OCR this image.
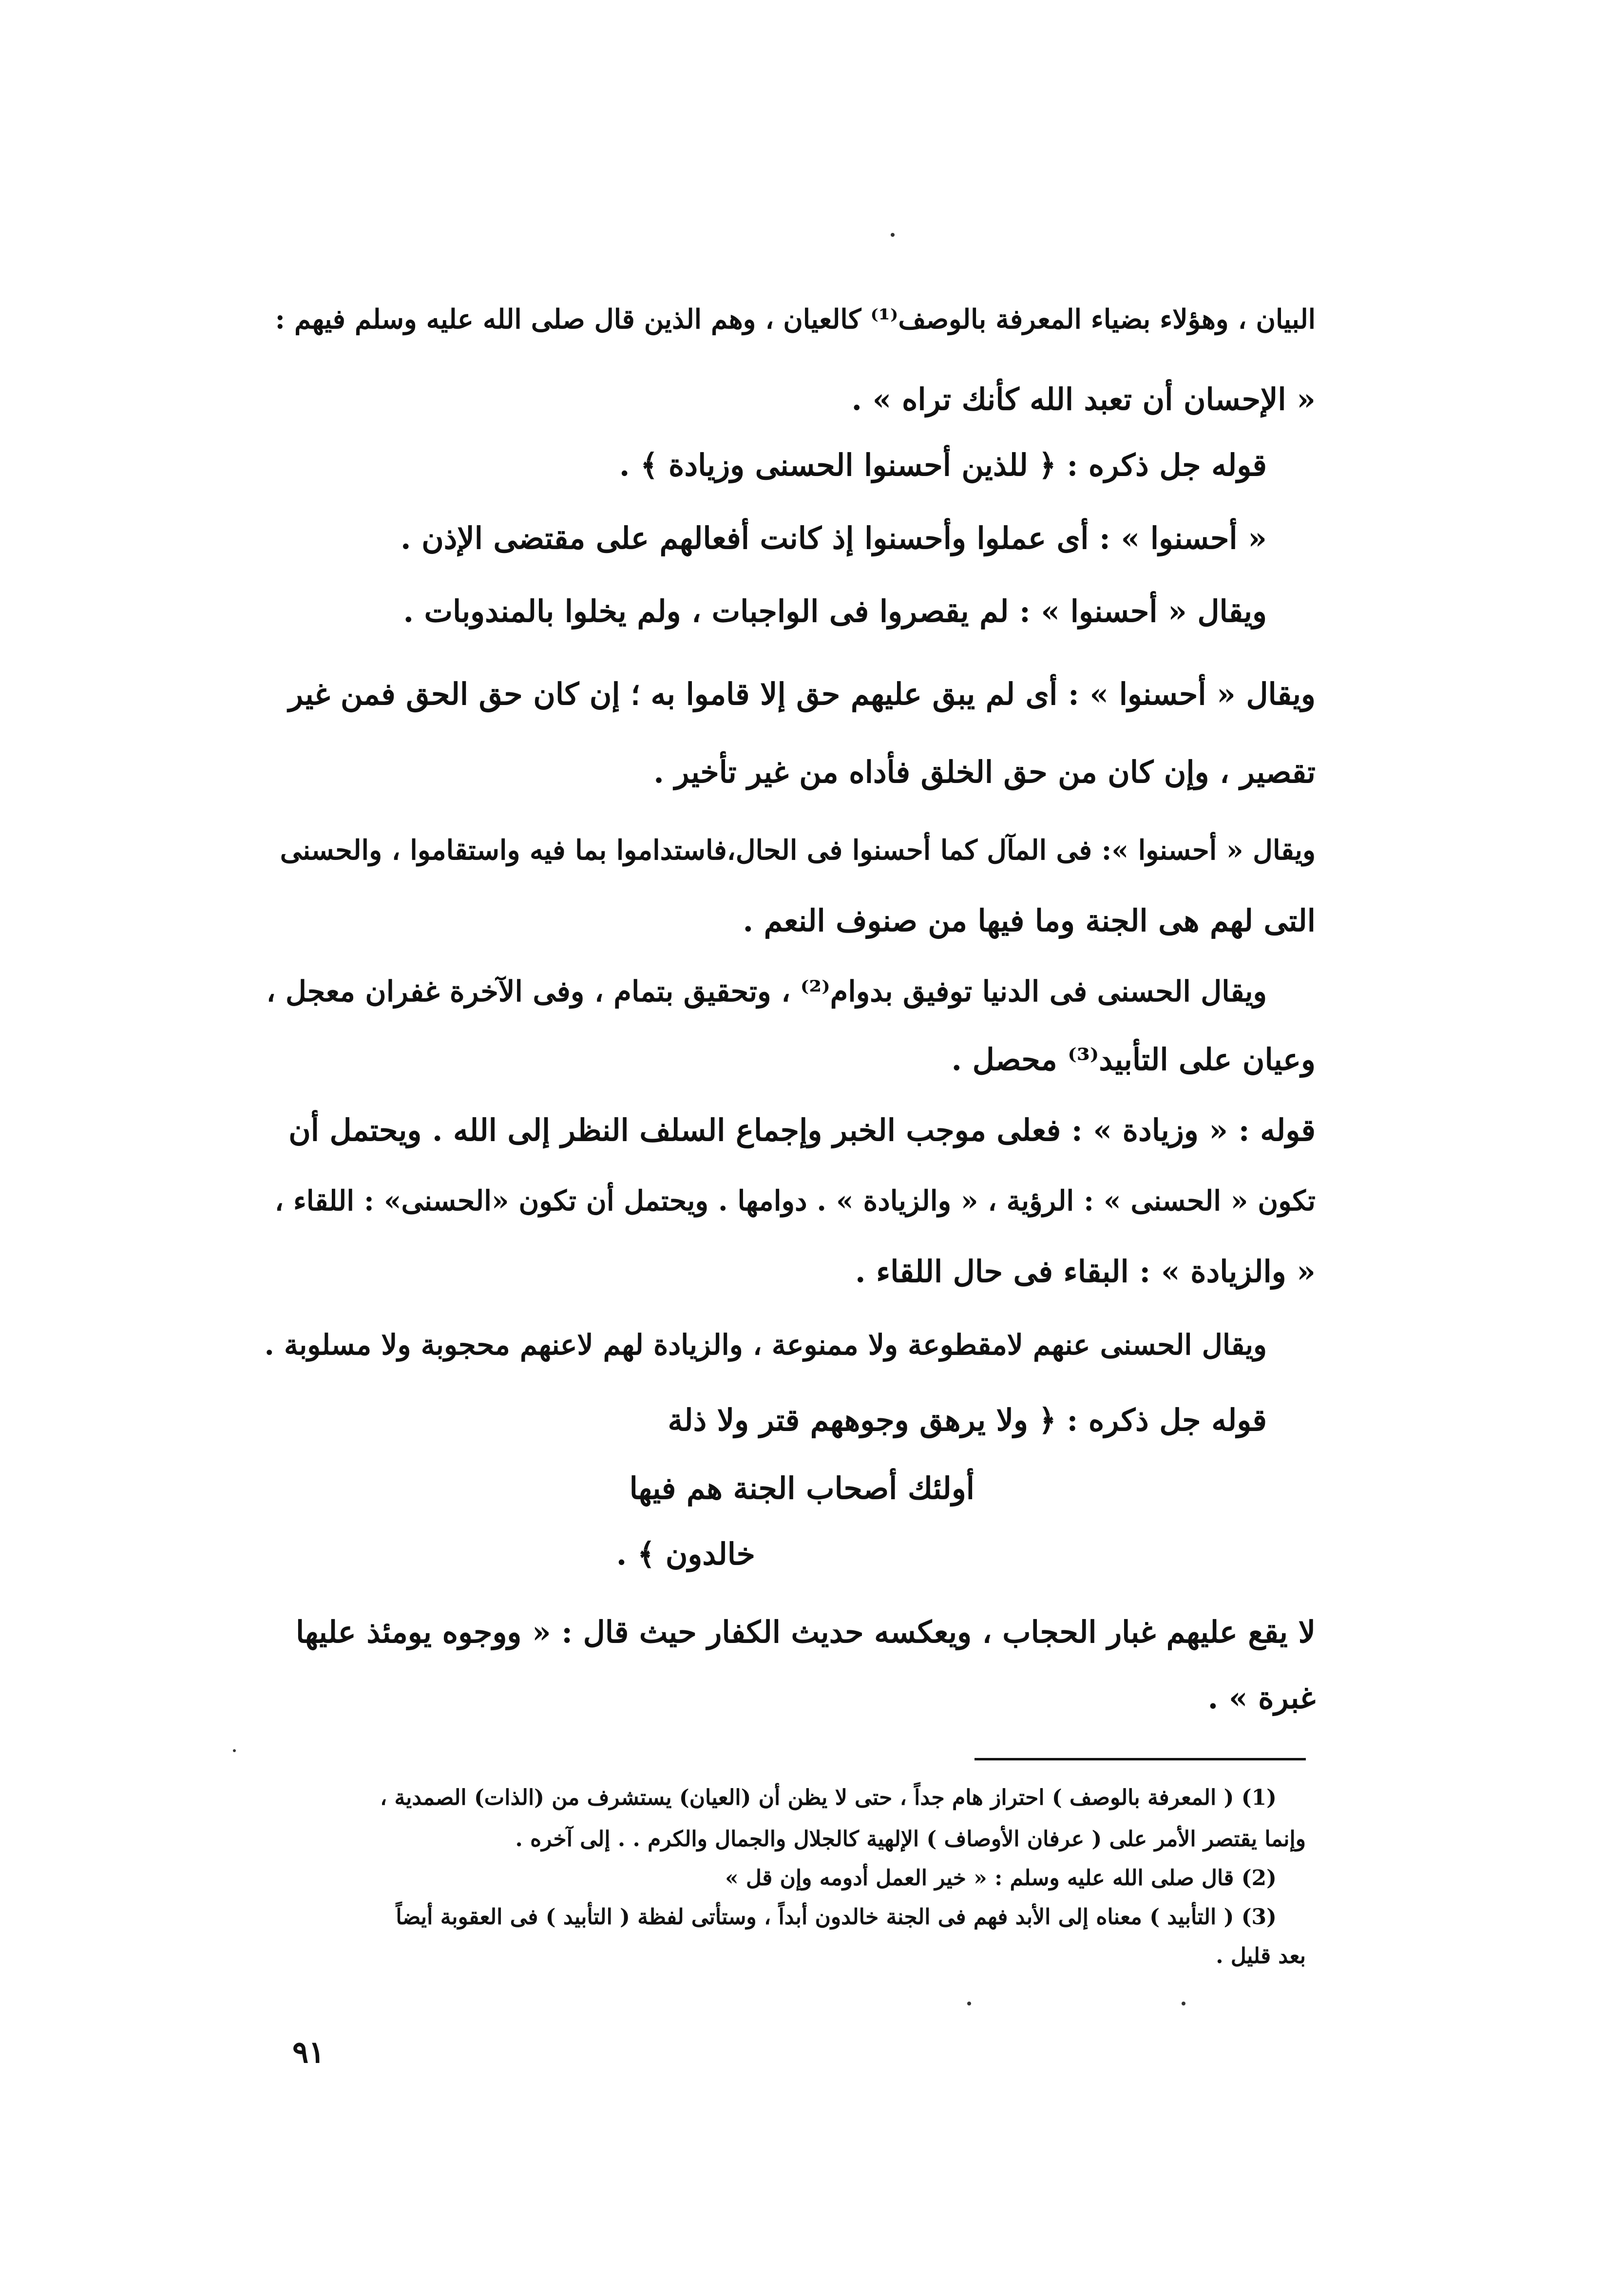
البيان ، وهؤلاء بضياء المعرفة بالوصف⁽¹⁾ كالعيان ، وهم الذين قال صلى الله عليه وسلم فيهم :
« الإحسان أن تعبد الله كأنك تراه » .
قوله جل ذكره : ﴿ للذين أحسنوا الحسنى وزيادة ﴾ .
« أحسنوا » : أى عملوا وأحسنوا إذ كانت أفعالهم على مقتضى الإذن .
ويقال « أحسنوا » : لم يقصروا فى الواجبات ، ولم يخلوا بالمندوبات .
ويقال « أحسنوا » : أى لم يبق عليهم حق إلا قاموا به ؛ إن كان حق الحق فمن غير
تقصير ، وإن كان من حق الخلق فأداه من غير تأخير .
ويقال « أحسنوا »: فى المآل كما أحسنوا فى الحال،فاستداموا بما فيه واستقاموا ، والحسنى
التى لهم هى الجنة وما فيها من صنوف النعم .
ويقال الحسنى فى الدنيا توفيق بدوام⁽²⁾ ، وتحقيق بتمام ، وفى الآخرة غفران معجل ،
وعيان على التأبيد⁽³⁾ محصل .
قوله : « وزيادة » : فعلى موجب الخبر وإجماع السلف النظر إلى الله . ويحتمل أن
تكون « الحسنى » : الرؤية ، « والزيادة » . دوامها . ويحتمل أن تكون «الحسنى» : اللقاء ،
« والزيادة » : البقاء فى حال اللقاء .
ويقال الحسنى عنهم لامقطوعة ولا ممنوعة ، والزيادة لهم لاعنهم محجوبة ولا مسلوبة .
قوله جل ذكره : ﴿ ولا يرهق وجوههم قتر ولا ذلة
أولئك أصحاب الجنة هم فيها
خالدون ﴾ .
لا يقع عليهم غبار الحجاب ، ويعكسه حديث الكفار حيث قال : « ووجوه يومئذ عليها
غبرة » .
(1) ( المعرفة بالوصف ) احتراز هام جداً ، حتى لا يظن أن (العيان) يستشرف من (الذات) الصمدية ،
وإنما يقتصر الأمر على ( عرفان الأوصاف ) الإلهية كالجلال والجمال والكرم . . إلى آخره .
(2) قال صلى الله عليه وسلم : « خير العمل أدومه وإن قل »
(3) ( التأبيد ) معناه إلى الأبد فهم فى الجنة خالدون أبداً ، وستأتى لفظة ( التأبيد ) فى العقوبة أيضاً
بعد قليل .
٩١
